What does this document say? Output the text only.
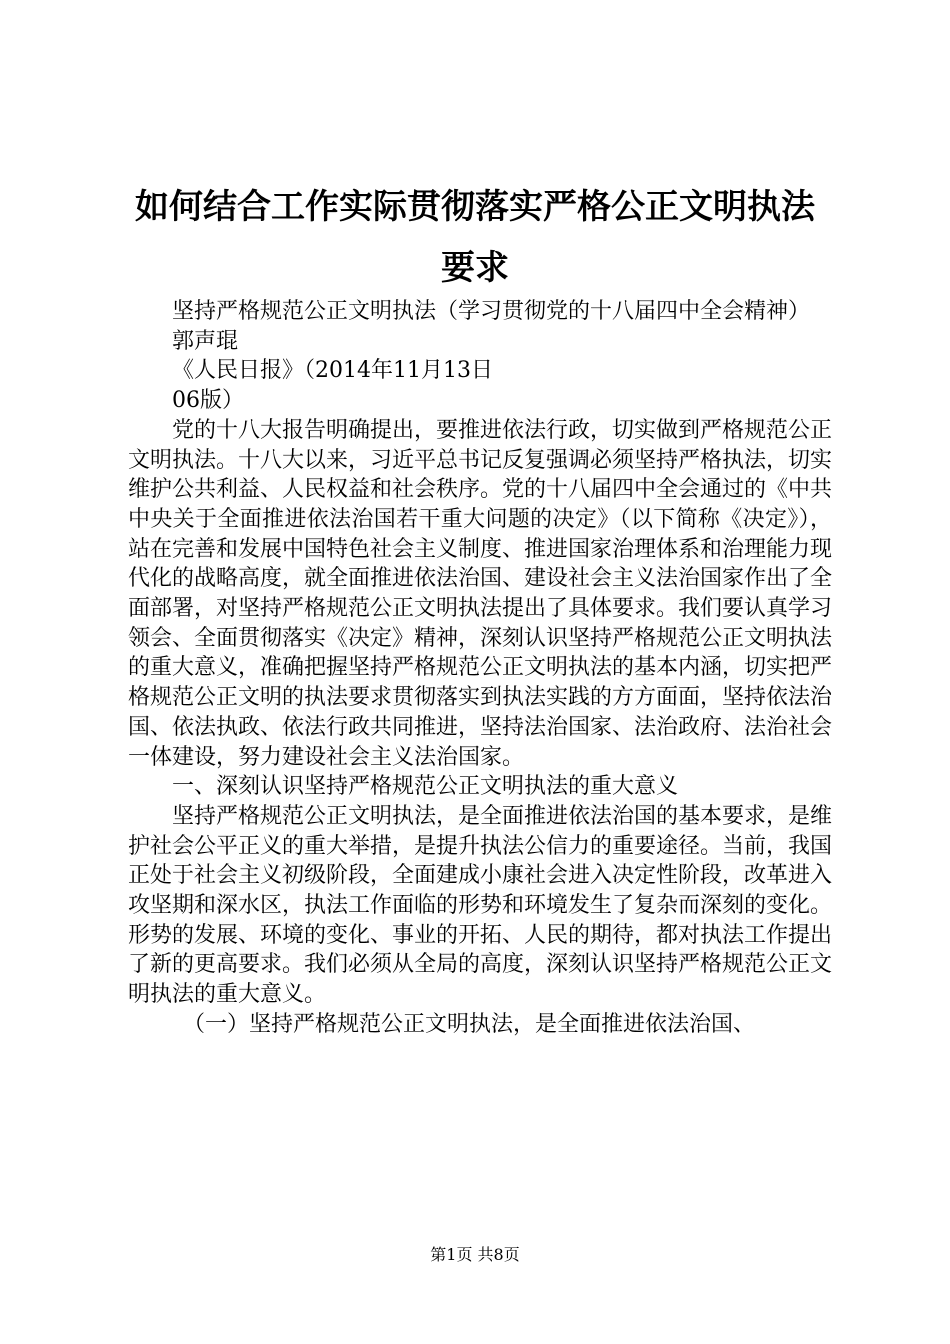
如何结合工作实际贯彻落实严格公正文明执法
要求

坚持严格规范公正文明执法（学习贯彻党的十八届四中全会精神）

郭声琨

《人民日报》（2014年11月13日

06版）

党的十八大报告明确提出，要推进依法行政，切实做到严格规范公正文明执法。十八大以来，习近平总书记反复强调必须坚持严格执法，切实维护公共利益、人民权益和社会秩序。党的十八届四中全会通过的《中共中央关于全面推进依法治国若干重大问题的决定》（以下简称《决定》），站在完善和发展中国特色社会主义制度、推进国家治理体系和治理能力现代化的战略高度，就全面推进依法治国、建设社会主义法治国家作出了全面部署，对坚持严格规范公正文明执法提出了具体要求。我们要认真学习领会、全面贯彻落实《决定》精神，深刻认识坚持严格规范公正文明执法的重大意义，准确把握坚持严格规范公正文明执法的基本内涵，切实把严格规范公正文明的执法要求贯彻落实到执法实践的方方面面，坚持依法治国、依法执政、依法行政共同推进，坚持法治国家、法治政府、法治社会一体建设，努力建设社会主义法治国家。

一、深刻认识坚持严格规范公正文明执法的重大意义

坚持严格规范公正文明执法，是全面推进依法治国的基本要求，是维护社会公平正义的重大举措，是提升执法公信力的重要途径。当前，我国正处于社会主义初级阶段，全面建成小康社会进入决定性阶段，改革进入攻坚期和深水区，执法工作面临的形势和环境发生了复杂而深刻的变化。形势的发展、环境的变化、事业的开拓、人民的期待，都对执法工作提出了新的更高要求。我们必须从全局的高度，深刻认识坚持严格规范公正文明执法的重大意义。

（一）坚持严格规范公正文明执法，是全面推进依法治国、

第1页 共8页
